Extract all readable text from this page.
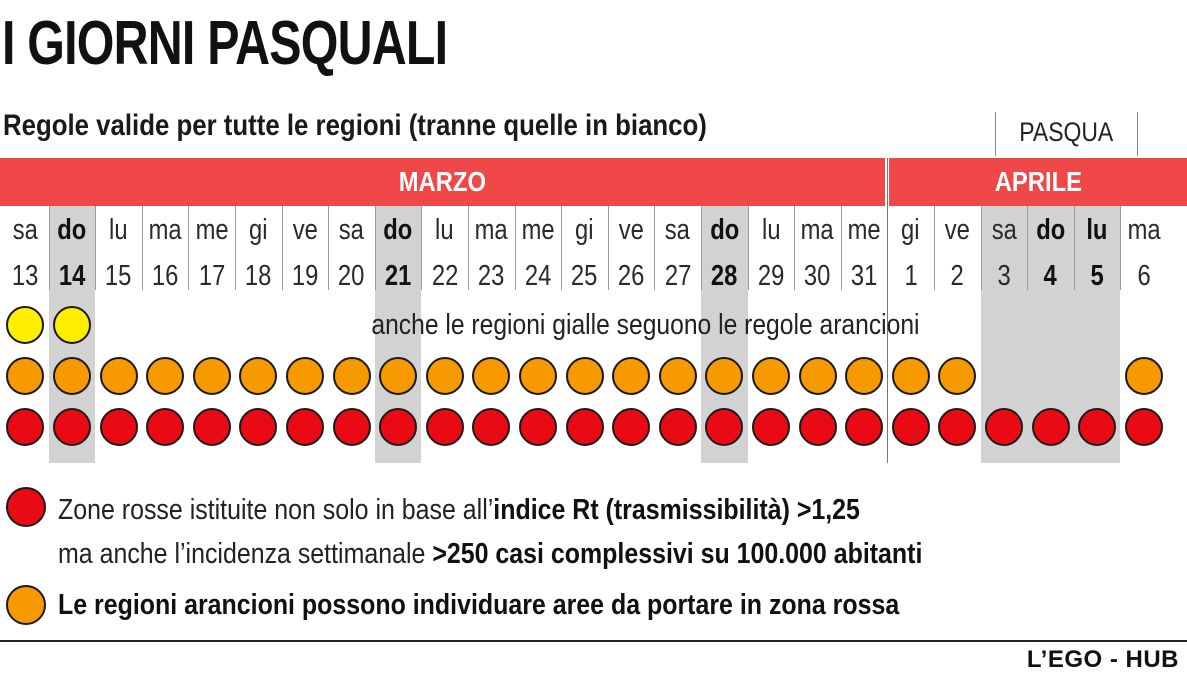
I GIORNI PASQUALI
Regole valide per tutte le regioni (tranne quelle in bianco)	PASQUA
MARZO	APRILE
sa
13
do
14
lu
15
ma
16
me
17
gi
18
ve
19
sa
20
do
21
lu
22
ma
23
me
24
gi
25
ve
26
sa
27
do
28
lu
29
ma
30
me
31
gi
1
ve
2
sa
3
do
4
lu
5
ma
6
anche le regioni gialle seguono le regole arancioni
Zone rosse istituite non solo in base all’indice Rt (trasmissibilità) >1,25
ma anche l’incidenza settimanale >250 casi complessivi su 100.000 abitanti
Le regioni arancioni possono individuare aree da portare in zona rossa
L’EGO - HUB
